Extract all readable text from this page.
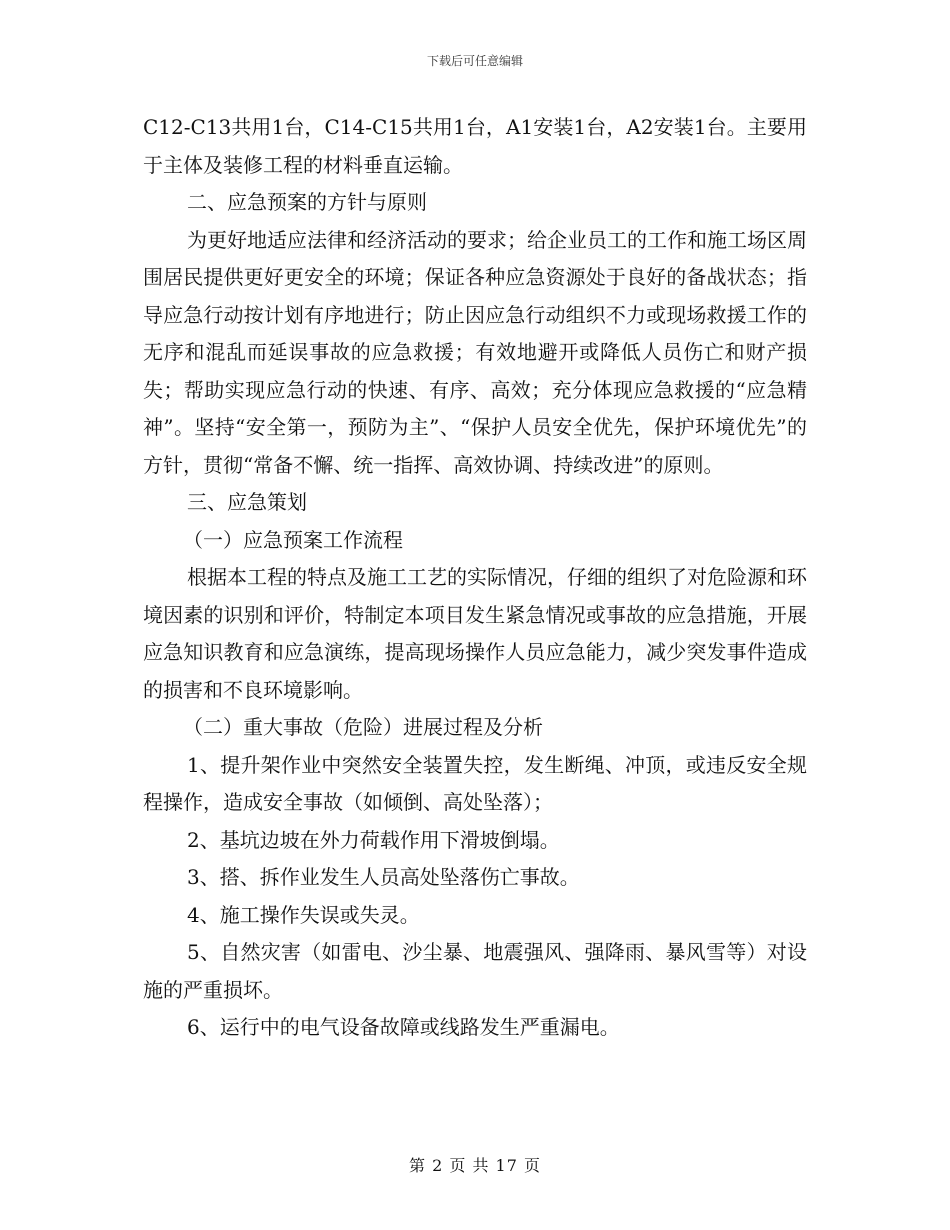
下载后可任意编辑

C12-C13共用1台，C14-C15共用1台，A1安装1台，A2安装1台。主要用于主体及装修工程的材料垂直运输。

二、应急预案的方针与原则

为更好地适应法律和经济活动的要求；给企业员工的工作和施工场区周围居民提供更好更安全的环境；保证各种应急资源处于良好的备战状态；指导应急行动按计划有序地进行；防止因应急行动组织不力或现场救援工作的无序和混乱而延误事故的应急救援；有效地避开或降低人员伤亡和财产损失；帮助实现应急行动的快速、有序、高效；充分体现应急救援的“应急精神”。坚持“安全第一，预防为主”、“保护人员安全优先，保护环境优先”的方针，贯彻“常备不懈、统一指挥、高效协调、持续改进”的原则。

三、应急策划

（一）应急预案工作流程

根据本工程的特点及施工工艺的实际情况，仔细的组织了对危险源和环境因素的识别和评价，特制定本项目发生紧急情况或事故的应急措施，开展应急知识教育和应急演练，提高现场操作人员应急能力，减少突发事件造成的损害和不良环境影响。

（二）重大事故（危险）进展过程及分析

1、提升架作业中突然安全装置失控，发生断绳、冲顶，或违反安全规程操作，造成安全事故（如倾倒、高处坠落）；

2、基坑边坡在外力荷载作用下滑坡倒塌。

3、搭、拆作业发生人员高处坠落伤亡事故。

4、施工操作失误或失灵。

5、自然灾害（如雷电、沙尘暴、地震强风、强降雨、暴风雪等）对设施的严重损坏。

6、运行中的电气设备故障或线路发生严重漏电。

第 2 页 共 17 页
